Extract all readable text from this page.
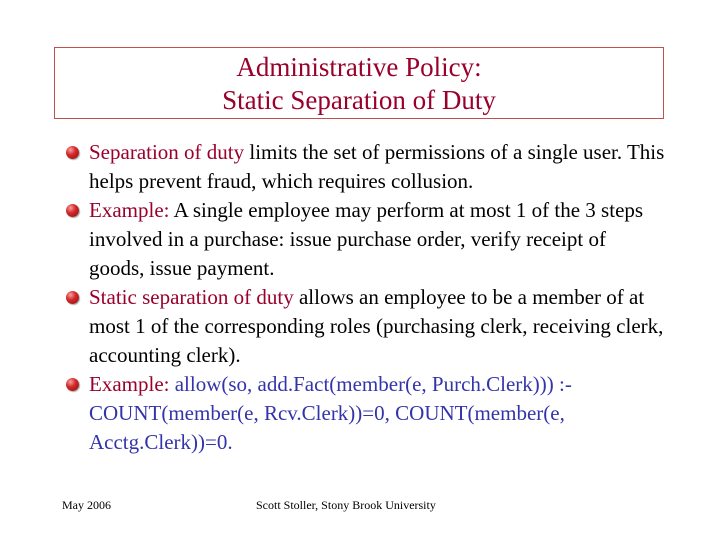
Administrative Policy:
Static Separation of Duty
Separation of duty limits the set of permissions of a single user. This helps prevent fraud, which requires collusion.
Example: A single employee may perform at most 1 of the 3 steps involved in a purchase: issue purchase order, verify receipt of goods, issue payment.
Static separation of duty allows an employee to be a member of at most 1 of the corresponding roles (purchasing clerk, receiving clerk, accounting clerk).
Example: allow(so, add.Fact(member(e, Purch.Clerk))) :- COUNT(member(e, Rcv.Clerk))=0, COUNT(member(e, Acctg.Clerk))=0.
May 2006	Scott Stoller, Stony Brook University
